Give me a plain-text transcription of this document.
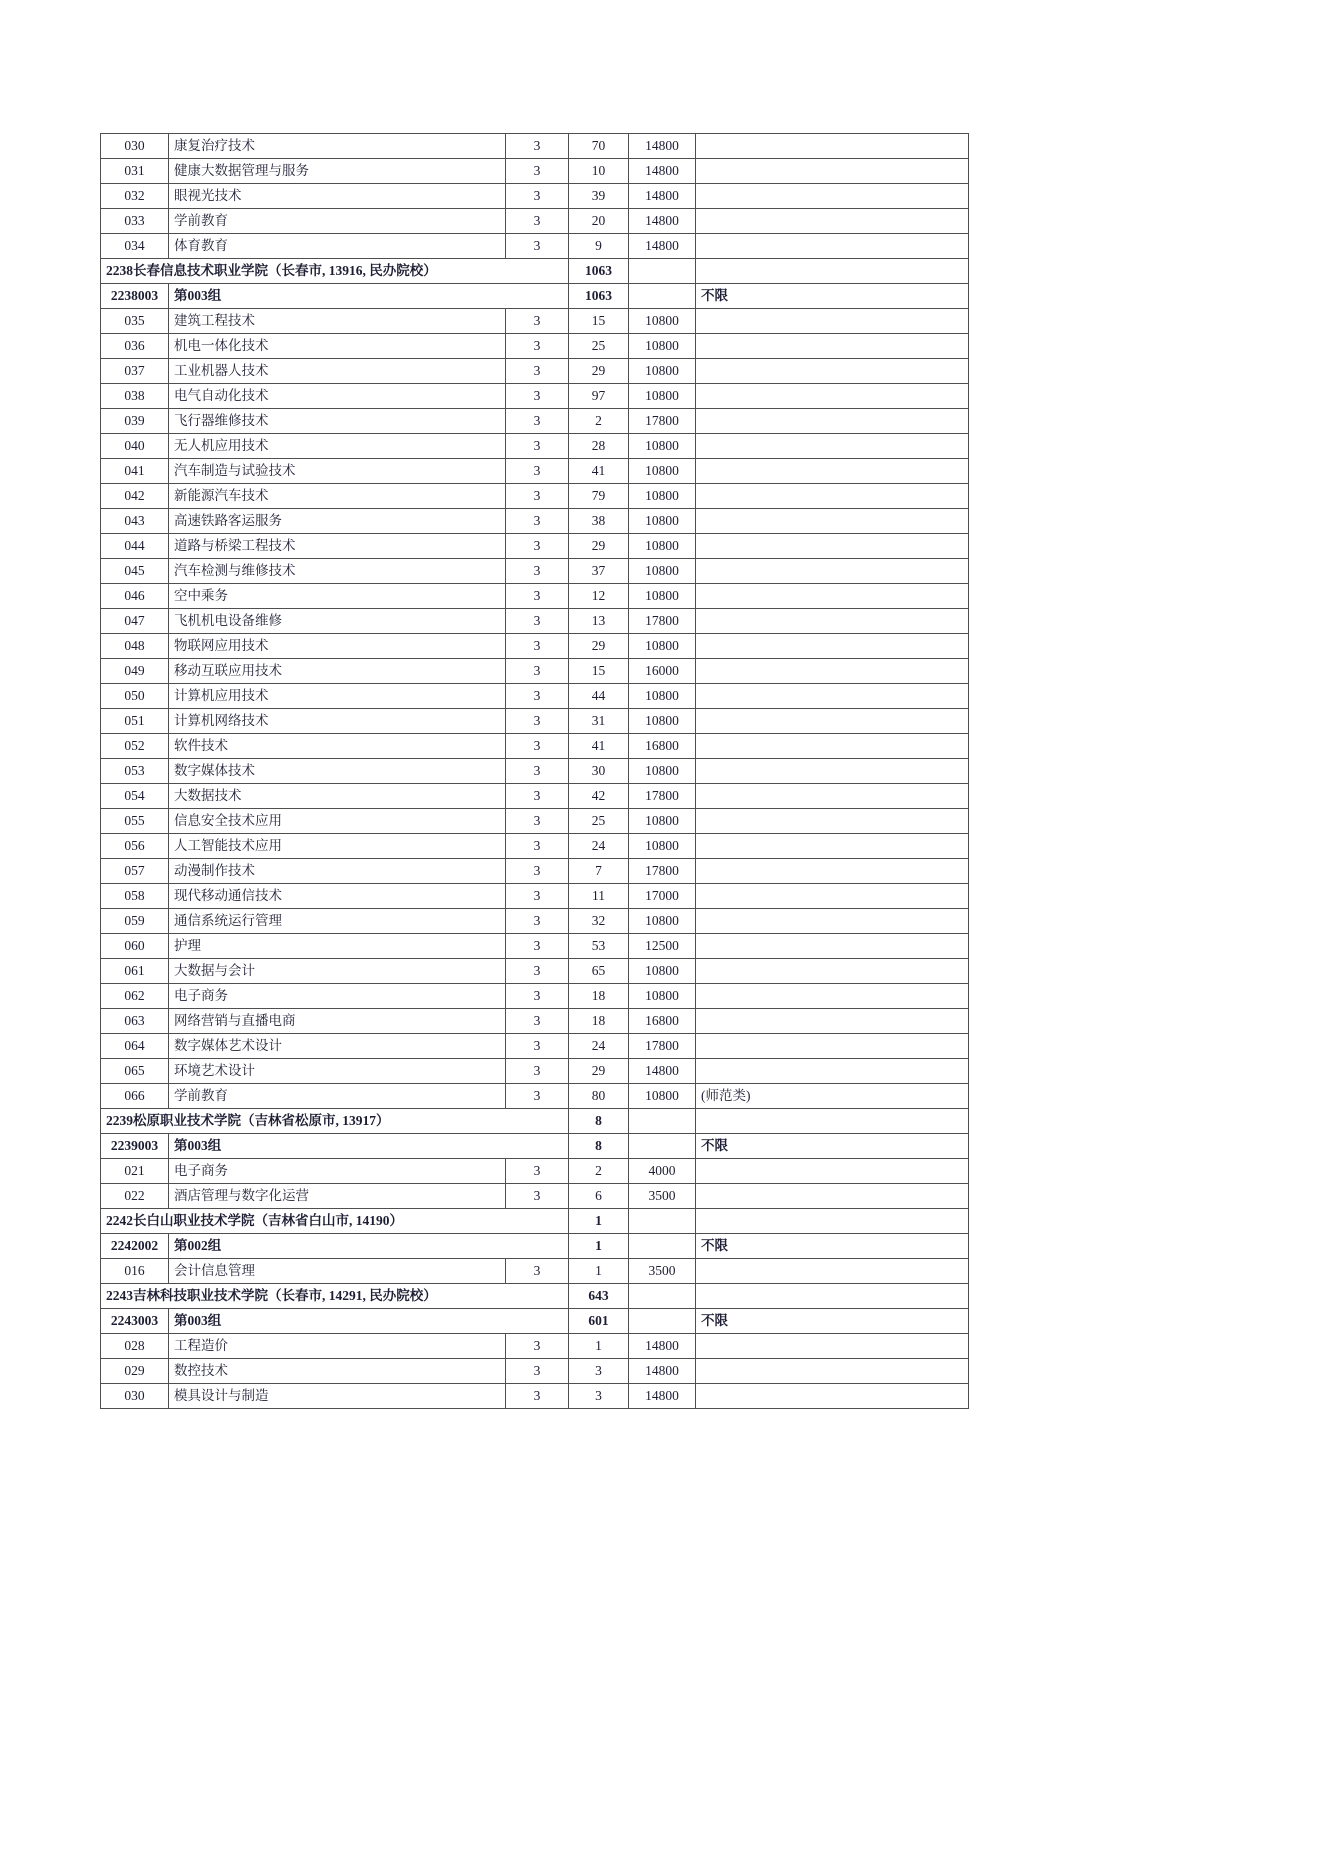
030	康复治疗技术	3	70	14800	
031	健康大数据管理与服务	3	10	14800	
032	眼视光技术	3	39	14800	
033	学前教育	3	20	14800	
034	体育教育	3	9	14800	
2238长春信息技术职业学院（长春市, 13916, 民办院校）			1063		
2238003	第003组		1063		不限
035	建筑工程技术	3	15	10800	
036	机电一体化技术	3	25	10800	
037	工业机器人技术	3	29	10800	
038	电气自动化技术	3	97	10800	
039	飞行器维修技术	3	2	17800	
040	无人机应用技术	3	28	10800	
041	汽车制造与试验技术	3	41	10800	
042	新能源汽车技术	3	79	10800	
043	高速铁路客运服务	3	38	10800	
044	道路与桥梁工程技术	3	29	10800	
045	汽车检测与维修技术	3	37	10800	
046	空中乘务	3	12	10800	
047	飞机机电设备维修	3	13	17800	
048	物联网应用技术	3	29	10800	
049	移动互联应用技术	3	15	16000	
050	计算机应用技术	3	44	10800	
051	计算机网络技术	3	31	10800	
052	软件技术	3	41	16800	
053	数字媒体技术	3	30	10800	
054	大数据技术	3	42	17800	
055	信息安全技术应用	3	25	10800	
056	人工智能技术应用	3	24	10800	
057	动漫制作技术	3	7	17800	
058	现代移动通信技术	3	11	17000	
059	通信系统运行管理	3	32	10800	
060	护理	3	53	12500	
061	大数据与会计	3	65	10800	
062	电子商务	3	18	10800	
063	网络营销与直播电商	3	18	16800	
064	数字媒体艺术设计	3	24	17800	
065	环境艺术设计	3	29	14800	
066	学前教育	3	80	10800	(师范类)
2239松原职业技术学院（吉林省松原市, 13917）			8		
2239003	第003组		8		不限
021	电子商务	3	2	4000	
022	酒店管理与数字化运营	3	6	3500	
2242长白山职业技术学院（吉林省白山市, 14190）			1		
2242002	第002组		1		不限
016	会计信息管理	3	1	3500	
2243吉林科技职业技术学院（长春市, 14291, 民办院校）			643		
2243003	第003组		601		不限
028	工程造价	3	1	14800	
029	数控技术	3	3	14800	
030	模具设计与制造	3	3	14800	
